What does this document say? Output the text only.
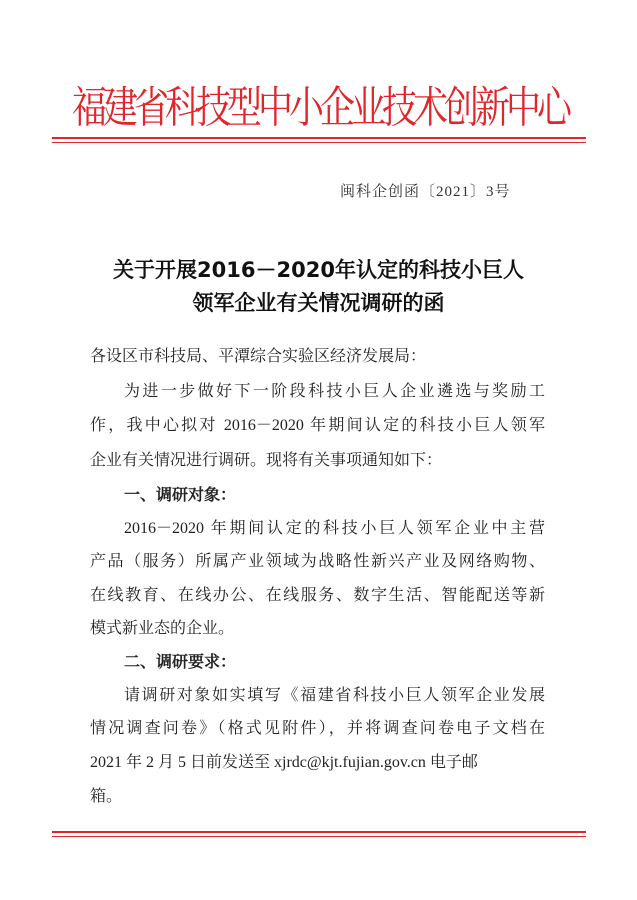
福建省科技型中小企业技术创新中心
闽科企创函〔2021〕3号
关于开展2016－2020年认定的科技小巨人
领军企业有关情况调研的函
各设区市科技局、平潭综合实验区经济发展局：
为进一步做好下一阶段科技小巨人企业遴选与奖励工
作，我中心拟对 2016－2020 年期间认定的科技小巨人领军
企业有关情况进行调研。现将有关事项通知如下：
一、调研对象：
2016－2020 年期间认定的科技小巨人领军企业中主营
产品（服务）所属产业领域为战略性新兴产业及网络购物、
在线教育、在线办公、在线服务、数字生活、智能配送等新
模式新业态的企业。
二、调研要求：
请调研对象如实填写《福建省科技小巨人领军企业发展
情况调查问卷》（格式见附件），并将调查问卷电子文档在
2021 年 2 月 5 日前发送至 xjrdc@kjt.fujian.gov.cn 电子邮
箱。
